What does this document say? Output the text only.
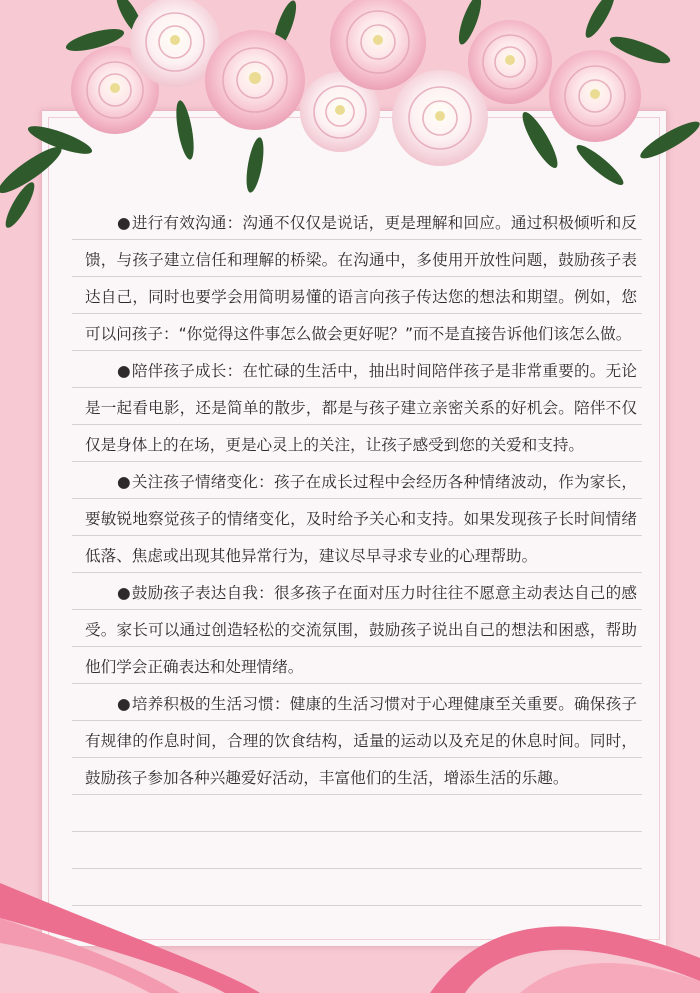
●进行有效沟通：沟通不仅仅是说话，更是理解和回应。通过积极倾听和反馈，与孩子建立信任和理解的桥梁。在沟通中，多使用开放性问题，鼓励孩子表达自己，同时也要学会用简明易懂的语言向孩子传达您的想法和期望。例如，您可以问孩子：“你觉得这件事怎么做会更好呢？”而不是直接告诉他们该怎么做。

●陪伴孩子成长：在忙碌的生活中，抽出时间陪伴孩子是非常重要的。无论是一起看电影，还是简单的散步，都是与孩子建立亲密关系的好机会。陪伴不仅仅是身体上的在场，更是心灵上的关注，让孩子感受到您的关爱和支持。

●关注孩子情绪变化：孩子在成长过程中会经历各种情绪波动，作为家长，要敏锐地察觉孩子的情绪变化，及时给予关心和支持。如果发现孩子长时间情绪低落、焦虑或出现其他异常行为，建议尽早寻求专业的心理帮助。

●鼓励孩子表达自我：很多孩子在面对压力时往往不愿意主动表达自己的感受。家长可以通过创造轻松的交流氛围，鼓励孩子说出自己的想法和困惑，帮助他们学会正确表达和处理情绪。

●培养积极的生活习惯：健康的生活习惯对于心理健康至关重要。确保孩子有规律的作息时间，合理的饮食结构，适量的运动以及充足的休息时间。同时，鼓励孩子参加各种兴趣爱好活动，丰富他们的生活，增添生活的乐趣。
